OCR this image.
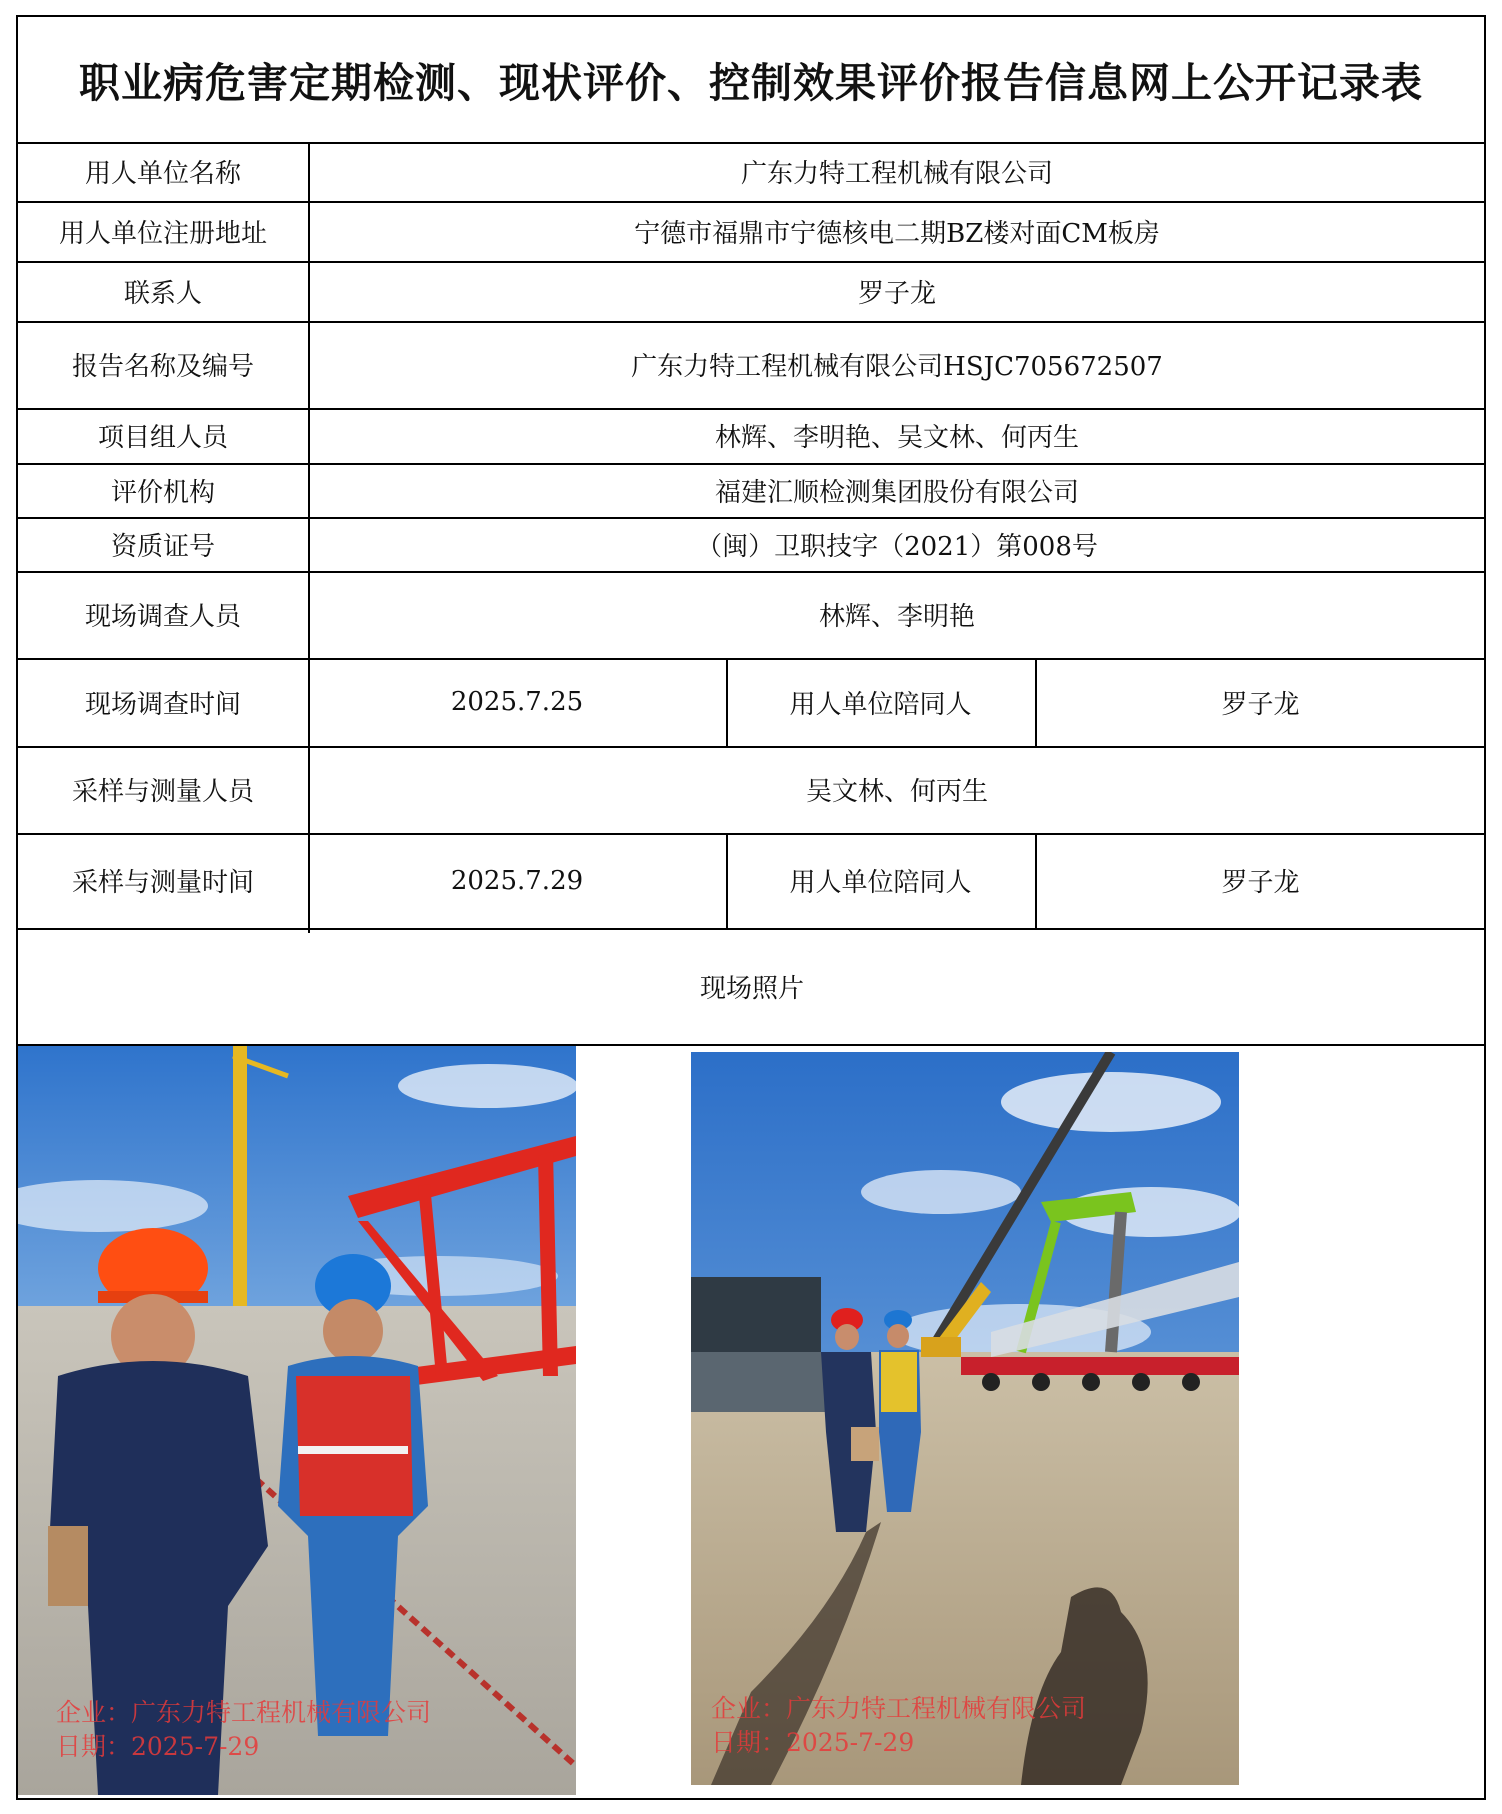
职业病危害定期检测、现状评价、控制效果评价报告信息网上公开记录表
用人单位名称	广东力特工程机械有限公司
用人单位注册地址	宁德市福鼎市宁德核电二期BZ楼对面CM板房
联系人	罗子龙
报告名称及编号	广东力特工程机械有限公司HSJC705672507
项目组人员	林辉、李明艳、吴文林、何丙生
评价机构	福建汇顺检测集团股份有限公司
资质证号	（闽）卫职技字（2021）第008号
现场调查人员	林辉、李明艳
现场调查时间	2025.7.25	用人单位陪同人	罗子龙
采样与测量人员	吴文林、何丙生
采样与测量时间	2025.7.29	用人单位陪同人	罗子龙
现场照片
企业：广东力特工程机械有限公司
日期：2025-7-29
企业：广东力特工程机械有限公司
日期：2025-7-29
